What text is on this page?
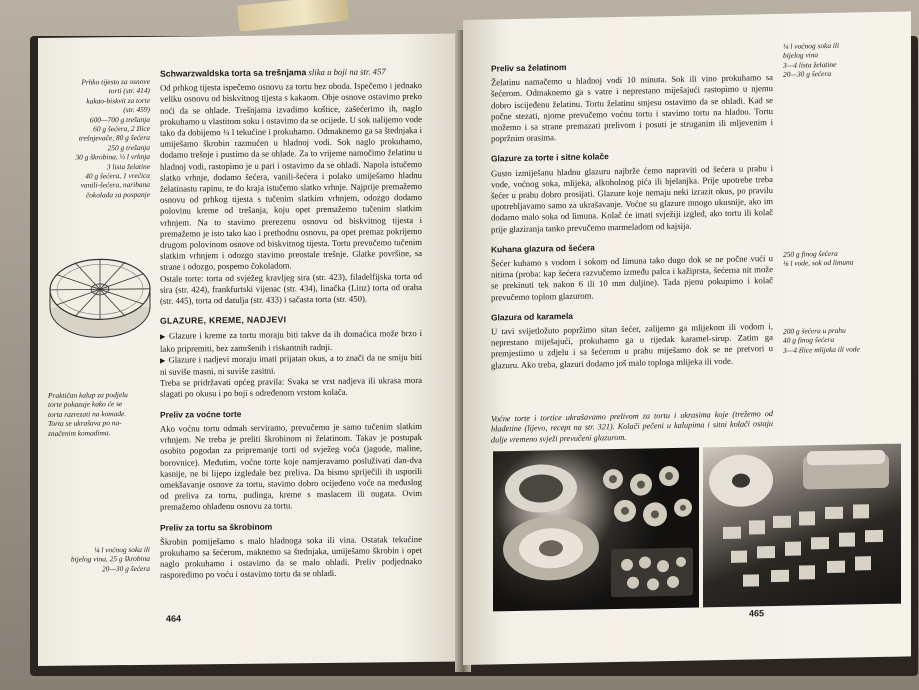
Prhko tijesto za osnove
torti (str. 414)
kakao-biskvit za torte
(str. 459)
600—700 g trešanja
60 g šećera, 2 žlice
trešnjevače, 80 g šećera
250 g trešanja
30 g škrobina, ½ l vrhnja
3 lista želatine
40 g šećera, 1 vrećica
vanili-šećera, naribana
čokolada za pospanje
Praktičan kalup za podjelu
torte pokazuje kako će se
torta razrezati na komade.
Torta se ukrašava po na-
značenim komadima.
¼ l voćnog soka ili
bijelog vina, 25 g škrobina
20—30 g šećera

Schwarzwaldska torta sa trešnjama slika u boji na str. 457

Od prhkog tijesta ispečemo osnovu za tortu bez oboda. Ispečemo i jednako veliku osnovu od biskvitnog tijesta s kakaom. Obje osnove ostavimo preko noći da se ohlade. Trešnjama izvadimo koštice, zašećerimo ih, naglo prokuhamo u vlastitom soku i ostavimo da se ocijede. U sok nalijemo vode tako da dobijemo ¼ l tekućine i prokuhamo. Odmaknemo ga sa štednjaka i umiješamo škrobin razmućen u hladnoj vodi. Sok naglo prokuhamo, dodamo trešnje i pustimo da se ohlade. Za to vrijeme namočimo želatinu u hladnoj vodi, rastopimo je u pari i ostavimo da se ohladi. Napola istučemo slatko vrhnje, dodamo šećera, vanili-šećera i polako umiješamo hladnu želatinastu rapinu, te do kraja istučemo slatko vrhnje. Najprije premažemo osnovu od prhkog tijesta s tučenim slatkim vrhnjem, odozgo dodamo polovinu kreme od trešanja, koju opet premažemo tučenim slatkim vrhnjem. Na to stavimo prerezenu osnovu od biskvitnog tijesta i premažemo je isto tako kao i prethodnu osnovu, pa opet premaz pokrijemo drugom polovinom osnove od biskvitnog tijesta. Tortu prevučemo tučenim slatkim vrhnjem i odozgo stavimo preostale trešnje. Glatke površine, sa strane i odozgo, pospemo čokoladom.

Ostale torte: torta od svježeg kravljeg sira (str. 423), filadelfijska torta od sira (str. 424), frankfurtski vijenac (str. 434), linačka (Linz) torta od oraha (str. 445), torta od datulja (str. 433) i sačasta torta (str. 450).

GLAZURE, KREME, NADJEVI

▶ Glazure i kreme za tortu moraju biti takve da ih domaćica može brzo i lako pripremiti, bez zamršenih i riskantnih radnji.

▶ Glazure i nadjevi moraju imati prijatan okus, a to znači da ne smiju biti ni suviše masni, ni suviše zasitni.

Treba se pridržavati općeg pravila: Svaka se vrst nadjeva ili ukrasa mora slagati po okusu i po boji s određenom vrstom kolača.

Preliv za voćne torte

Ako voćnu tortu odmah serviramo, prevučemo je samo tučenim slatkim vrhnjem. Ne treba je preliti škrobinom ni želatinom. Takav je postupak osobito pogodan za pripremanje torti od svježeg voća (jagode, maline, borovnice). Međutim, voćne torte koje namjeravamo posluživati dan-dva kasnije, ne bi lijepo izgledale bez preliva. Da bismo spriječili ih usporili omekšavanje osnove za tortu, stavimo dobro ocijeđeno voće na međuslog od preliva za tortu, pudinga, kreme s maslacem ili nugata. Ovim premažemo ohlađenu osnovu za tortu.

Preliv za tortu sa škrobinom

Škrobin pomiješamo s malo hladnoga soka ili vina. Ostatak tekućine prokuhamo sa šećerom, maknemo sa štednjaka, umiješamo škrobin i opet naglo prokuhamo i ostavimo da se malo ohladi. Preliv podjednako rasporedimo po voću i ostavimo tortu da se ohladi.

464
Preliv sa želatinom

Želatinu namačemo u hladnoj vodi 10 minuta. Sok ili vino prokuhamo sa šećerom. Odmaknemo ga s vatre i neprestano miješajući rastopimo u njemu dobro iscijeđenu želatinu. Tortu želatinu smjesu ostavimo da se ohladi. Kad se počne stezati, njome prevučemo voćnu tortu i stavimo tortu na hladno. Tortu možemo i sa strane premazati prelivom i posuti je struganim ili mljevenim i popržnim orasima.

Glazure za torte i sitne kolače

Gusto izmiješanu hladnu glazuru najbrže ćemo napraviti od šećera u prahu i vode, voćnog soka, mlijeka, alkoholnog pića ili bjelanjka. Prije upotrebe treba šećer u prahu dobro prosijati. Glazure koje nemaju neki izrazit okus, po pravilu upotrebljavamo samo za ukrašavanje. Voćne su glazure mnogo ukusnije, ako im dodamo malo soka od limuna. Kolač će imati svježiji izgled, ako tortu ili kolač prije glaziranja tanko prevučemo marmeladom od kajsija.

Kuhana glazura od šećera

Šećer kuhamo s vodom i sokom od limuna tako dugo dok se ne počne vući u nitima (proba: kap šećera razvučemo između palca i kažiprsta, šećerna nit može se prekinuti tek nakon 6 ili 10 mm duljine). Tada pjenu pokupimo i kolač prevučemo toplom glazurom.

Glazura od karamela

U tavi svijetložuto popržimo sitan šećer, zalijemo ga mlijekom ili vodom i, neprestano miješajući, prokuhamo ga u rijedak karamel-sirup. Zatim ga premjestimo u zdjelu i sa šećerom u prahu miješamo dok se ne pretvori u glazuru. Ako treba, glazuri dodamo još malo toploga mlijeka ili vode.

¼ l voćnog soka ili
bijelog vina
3—4 lista želatine
20—30 g šećera
250 g finog šećera
⅛ l vode, sok od limuna
200 g šećera u prahu
40 g finog šećera
3—4 žlice mlijeka ili vode
Voćne torte i tortice ukrašavamo prelivom za tortu i ukrasima koje (trežemo od hladetine (lijevo, recept na str. 321). Kolači pečeni u kalupima i sitni kolači ostaju dulje vremeno svježi prevučeni glazurom.
465
